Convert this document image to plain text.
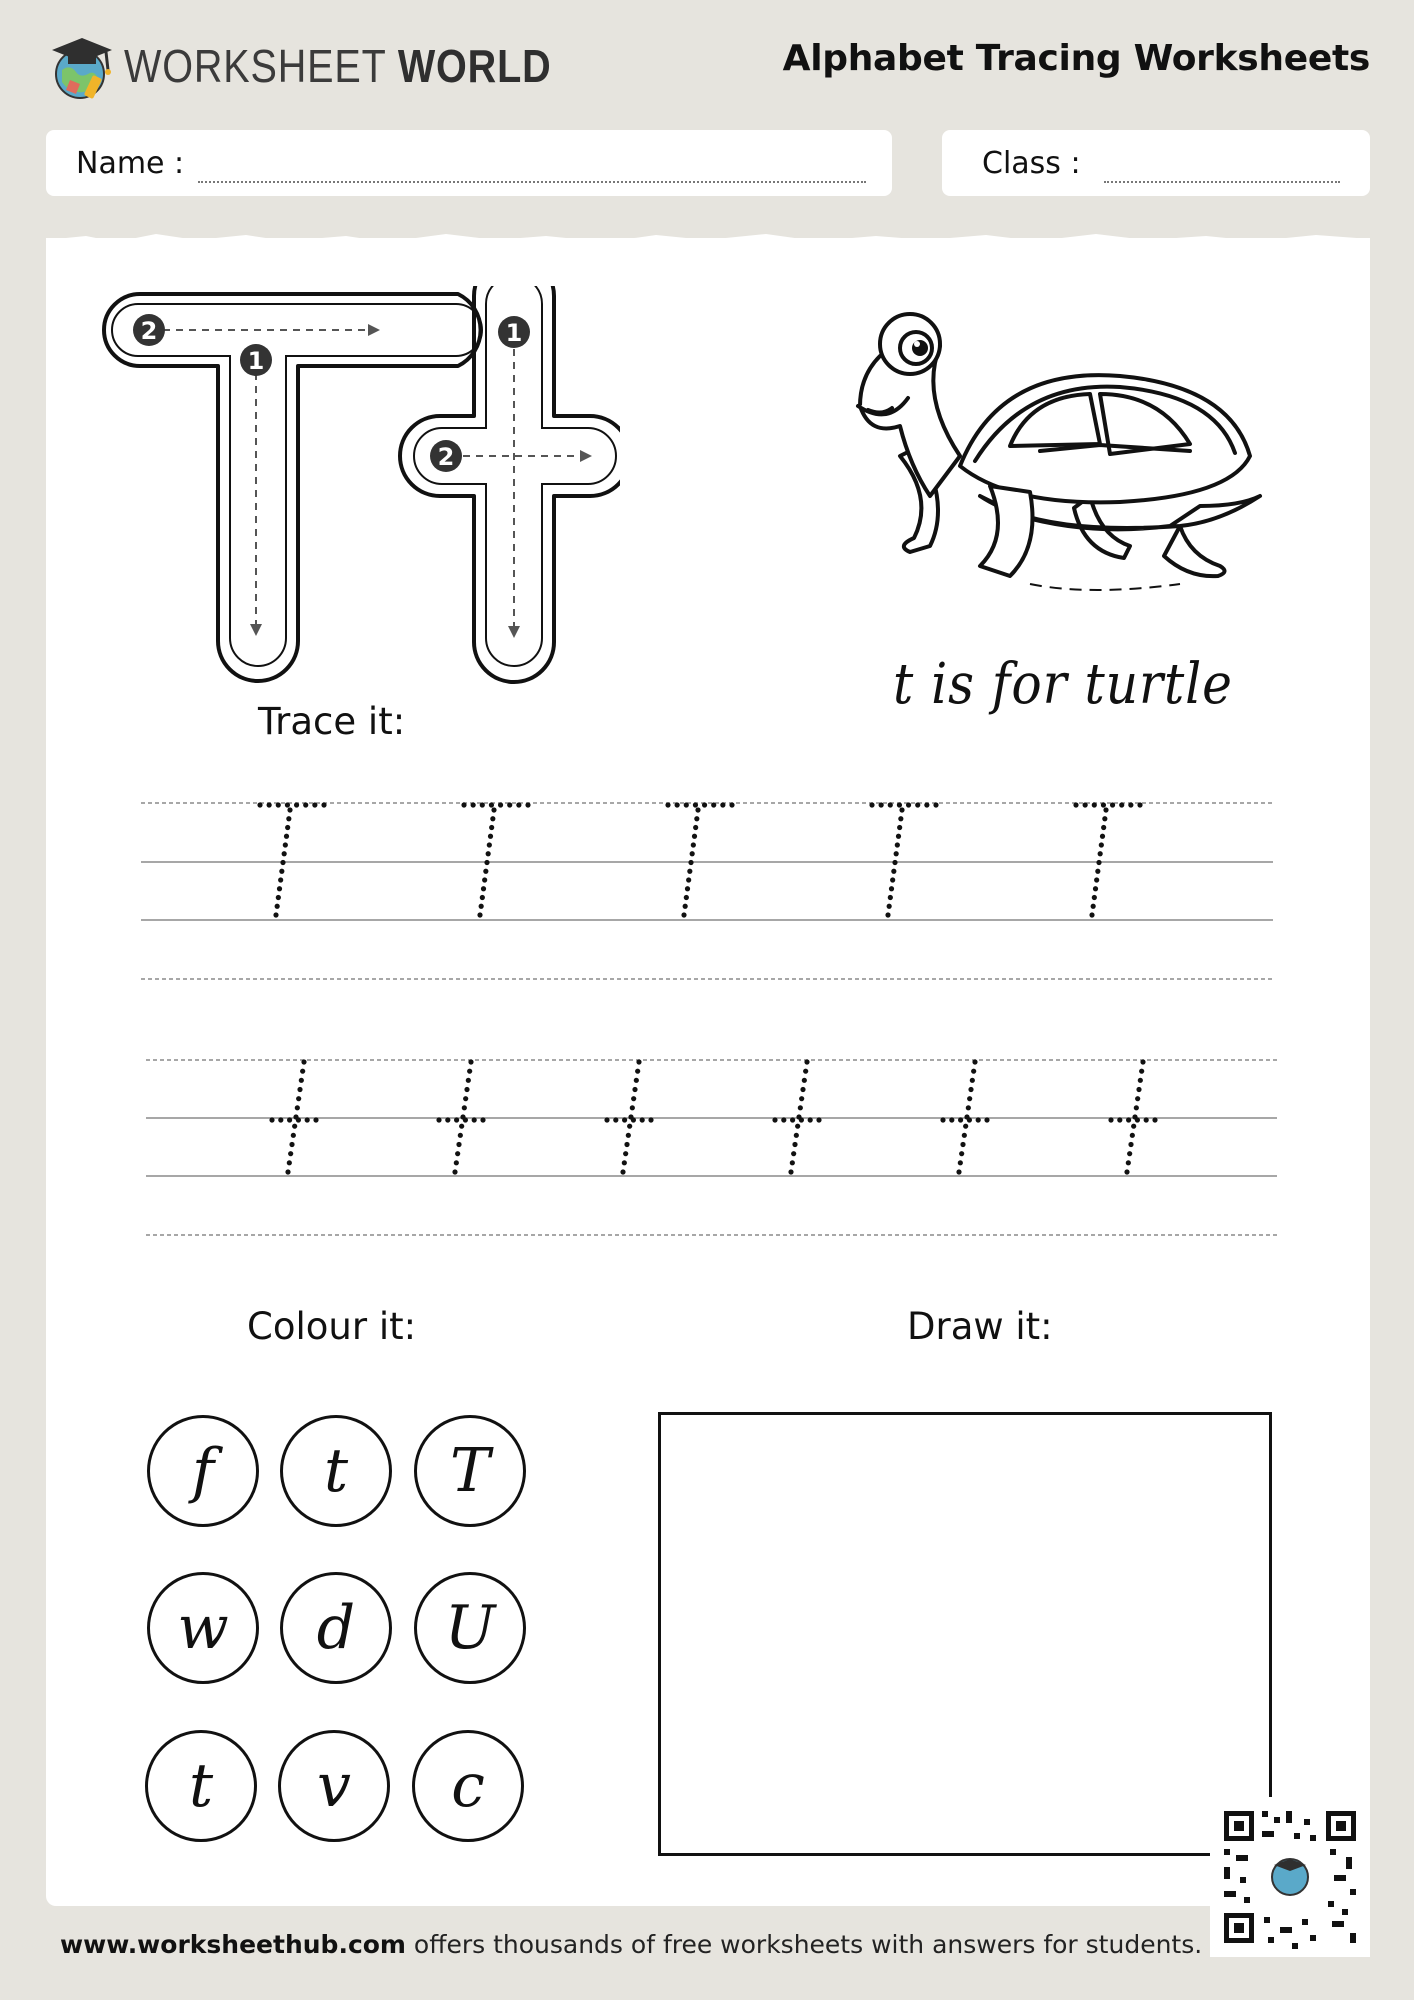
WORKSHEET WORLD	Alphabet Tracing Worksheets
Name :	Class :
2
1
1
2
t is for turtle
Trace it:
Colour it:	Draw it:
f	t	T
w	d	U
t	v	c
www.worksheethub.com offers thousands of free worksheets with answers for students.
